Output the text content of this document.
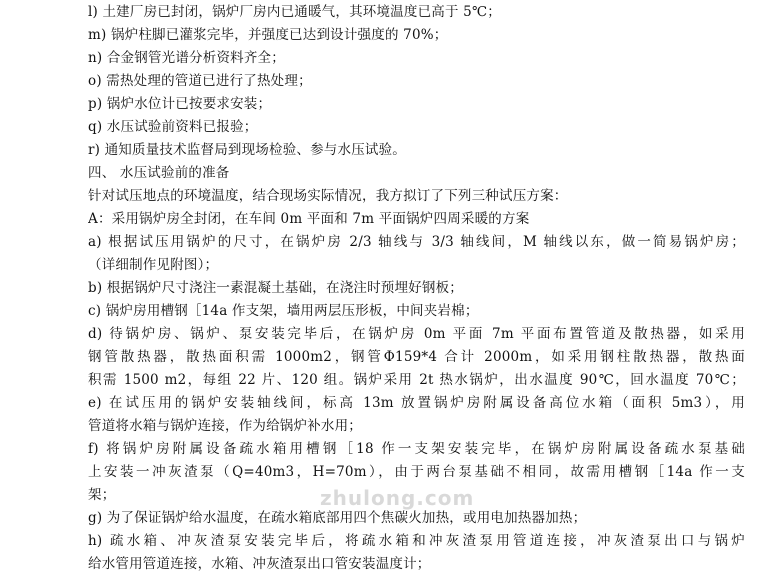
l) 土建厂房已封闭，锅炉厂房内已通暖气，其环境温度已高于 5℃；
m) 锅炉柱脚已灌浆完毕，并强度已达到设计强度的 70%；
n) 合金钢管光谱分析资料齐全；
o) 需热处理的管道已进行了热处理；
p) 锅炉水位计已按要求安装；
q) 水压试验前资料已报验；
r) 通知质量技术监督局到现场检验、参与水压试验。
四、 水压试验前的准备
针对试压地点的环境温度，结合现场实际情况，我方拟订了下列三种试压方案：
A：采用锅炉房全封闭，在车间 0m 平面和 7m 平面锅炉四周采暖的方案
a) 根据试压用锅炉的尺寸，在锅炉房 2/3 轴线与 3/3 轴线间，M 轴线以东，做一简易锅炉房；
（详细制作见附图）；
b) 根据锅炉尺寸浇注一素混凝土基础，在浇注时预埋好钢板；
c) 锅炉房用槽钢［14a 作支架，墙用两层压形板，中间夹岩棉；
d) 待锅炉房、锅炉、泵安装完毕后，在锅炉房 0m 平面 7m 平面布置管道及散热器，如采用
钢管散热器，散热面积需 1000m2，钢管Φ159*4 合计 2000m，如采用钢柱散热器，散热面
积需 1500 m2，每组 22 片、120 组。锅炉采用 2t 热水锅炉，出水温度 90℃，回水温度 70℃；
e) 在试压用的锅炉安装轴线间，标高 13m 放置锅炉房附属设备高位水箱（面积 5m3），用
管道将水箱与锅炉连接，作为给锅炉补水用；
f) 将锅炉房附属设备疏水箱用槽钢［18 作一支架安装完毕，在锅炉房附属设备疏水泵基础
上安装一冲灰渣泵（Q=40m3，H=70m），由于两台泵基础不相同，故需用槽钢［14a 作一支
架；
g) 为了保证锅炉给水温度，在疏水箱底部用四个焦碳火加热，或用电加热器加热；
h) 疏水箱、冲灰渣泵安装完毕后，将疏水箱和冲灰渣泵用管道连接，冲灰渣泵出口与锅炉
给水管用管道连接，水箱、冲灰渣泵出口管安装温度计；
zhulong.com
